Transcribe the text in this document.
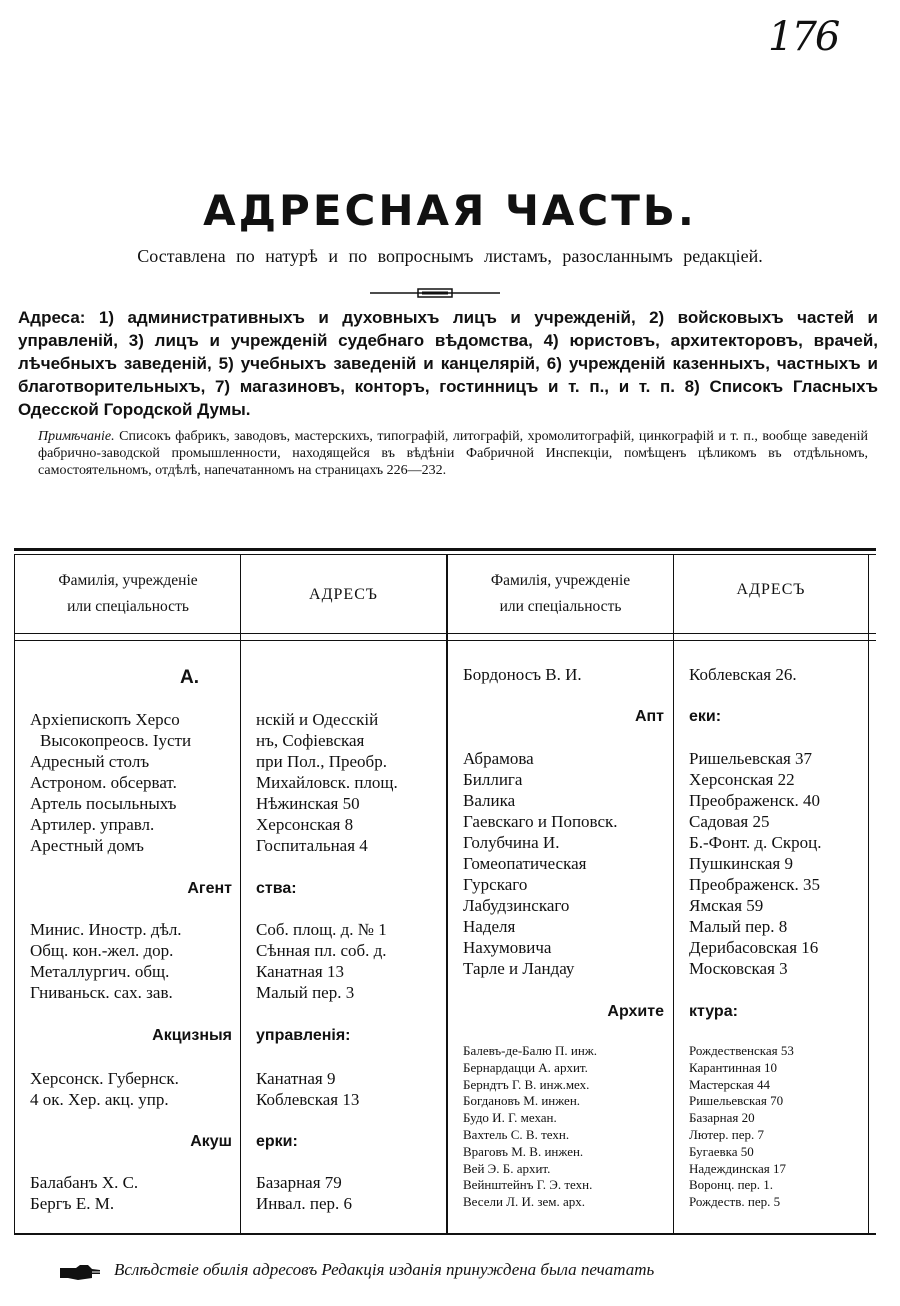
176
АДРЕСНАЯ ЧАСТЬ.
Составлена по натурѣ и по вопроснымъ листамъ, разосланнымъ редакціей.
Адреса: 1) административныхъ и духовныхъ лицъ и учрежденій, 2) войсковыхъ частей и управленій, 3) лицъ и учрежденій судебнаго вѣдомства, 4) юристовъ, архитекторовъ, врачей, лѣчебныхъ заведеній, 5) учебныхъ заведеній и канцелярій, 6) учрежденій казенныхъ, частныхъ и благотворительныхъ, 7) магазиновъ, конторъ, гостинницъ и т. п., и т. п. 8) Списокъ Гласныхъ Одесской Городской Думы.
Примѣчаніе. Списокъ фабрикъ, заводовъ, мастерскихъ, типографій, литографій, хромолитографій, цинкографій и т. п., вообще заведеній фабрично-заводской промышленности, находящейся въ вѣдѣніи Фабричной Инспекціи, помѣщенъ цѣликомъ въ отдѣльномъ, самостоятельномъ, отдѣлѣ, напечатанномъ на страницахъ 226—232.
Фамилія, учрежденіе
или спеціальность
АДРЕСЪ
Фамилія, учрежденіе
или спеціальность
АДРЕСЪ
А.
Архіепископъ Херсо
Высокопреосв. Іусти
Адресный столъ
Астроном. обсерват.
Артель посыльныхъ
Артилер. управл.
Арестный домъ
нскій и Одесскій
нъ, Софіевская
при Пол., Преобр.
Михайловск. площ.
Нѣжинская 50
Херсонская 8
Госпитальная 4
Агент ства:
Минис. Иностр. дѣл.
Общ. кон.-жел. дор.
Металлургич. общ.
Гниваньск. сах. зав.
Соб. площ. д. № 1
Сѣнная пл. соб. д.
Канатная 13
Малый пер. 3
Акцизныя управленія:
Херсонск. Губернск.
4 ок. Хер. акц. упр.
Канатная 9
Коблевская 13
Акуш ерки:
Балабанъ Х. С.
Бергъ Е. М.
Базарная 79
Инвал. пер. 6
Бордоносъ В. И.	Коблевская 26.
Апт еки:
Абрамова
Биллига
Валика
Гаевскаго и Поповск.
Голубчина И.
Гомеопатическая
Гурскаго
Лабудзинскаго
Наделя
Нахумовича
Тарле и Ландау
Ришельевская 37
Херсонская 22
Преображенск. 40
Садовая 25
Б.-Фонт. д. Скроц.
Пушкинская 9
Преображенск. 35
Ямская 59
Малый пер. 8
Дерибасовская 16
Московская 3
Архите ктура:
Балевъ-де-Балю П. инж.
Бернардацци А. архит.
Берндтъ Г. В. инж.мех.
Богдановъ М. инжен.
Будо И. Г. механ.
Вахтель С. В. техн.
Враговъ М. В. инжен.
Вей Э. Б. архит.
Вейнштейнъ Г. Э. техн.
Весели Л. И. зем. арх.
Рождественская 53
Карантинная 10
Мастерская 44
Ришельевская 70
Базарная 20
Лютер. пер. 7
Бугаевка 50
Надеждинская 17
Воронц. пер. 1.
Рождеств. пер. 5
Вслѣдствіе обилія адресовъ Редакція изданія принуждена была печатать
